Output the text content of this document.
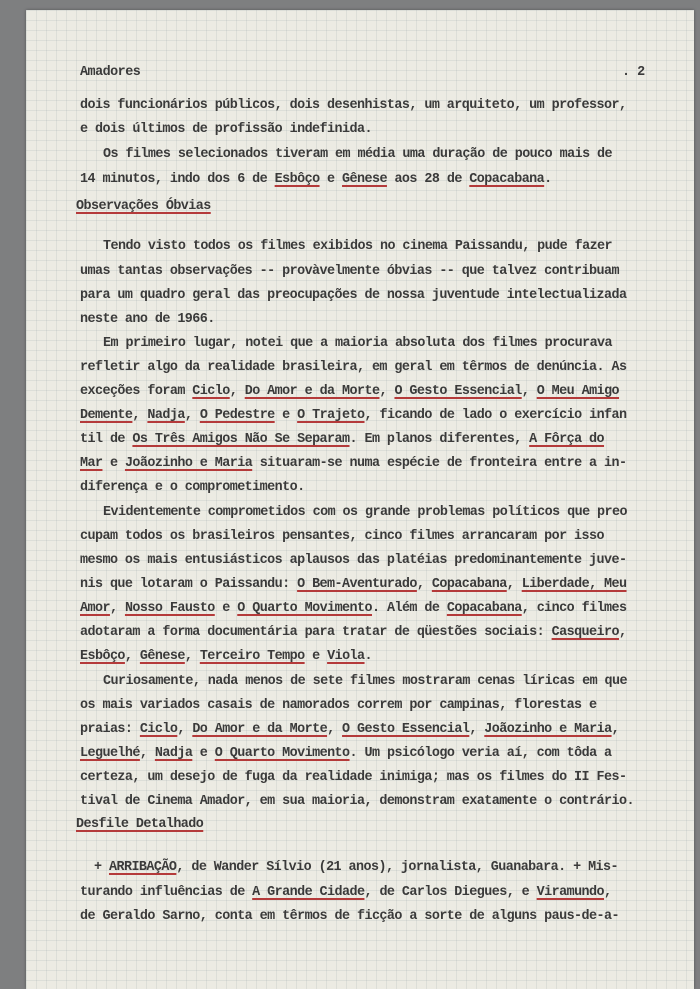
Amadores	. 2
dois funcionários públicos, dois desenhistas, um arquiteto, um professor,
e dois últimos de profissão indefinida.
Os filmes selecionados tiveram em média uma duração de pouco mais de
14 minutos, indo dos 6 de Esbôço e Gênese aos 28 de Copacabana.
Observações Óbvias
Tendo visto todos os filmes exibidos no cinema Paissandu, pude fazer
umas tantas observações -- provàvelmente óbvias -- que talvez contribuam
para um quadro geral das preocupações de nossa juventude intelectualizada
neste ano de 1966.
Em primeiro lugar, notei que a maioria absoluta dos filmes procurava
refletir algo da realidade brasileira, em geral em têrmos de denúncia. As
exceções foram Ciclo, Do Amor e da Morte, O Gesto Essencial, O Meu Amigo
Demente, Nadja, O Pedestre e O Trajeto, ficando de lado o exercício infan
til de Os Três Amigos Não Se Separam. Em planos diferentes, A Fôrça do
Mar e Joãozinho e Maria situaram-se numa espécie de fronteira entre a in-
diferença e o comprometimento.
Evidentemente comprometidos com os grande problemas políticos que preo
cupam todos os brasileiros pensantes, cinco filmes arrancaram por isso
mesmo os mais entusiásticos aplausos das platéias predominantemente juve-
nis que lotaram o Paissandu: O Bem-Aventurado, Copacabana, Liberdade, Meu
Amor, Nosso Fausto e O Quarto Movimento. Além de Copacabana, cinco filmes
adotaram a forma documentária para tratar de qüestões sociais: Casqueiro,
Esbôço, Gênese, Terceiro Tempo e Viola.
Curiosamente, nada menos de sete filmes mostraram cenas líricas em que
os mais variados casais de namorados correm por campinas, florestas e
praias: Ciclo, Do Amor e da Morte, O Gesto Essencial, Joãozinho e Maria,
Leguelhé, Nadja e O Quarto Movimento. Um psicólogo veria aí, com tôda a
certeza, um desejo de fuga da realidade inimiga; mas os filmes do II Fes-
tival de Cinema Amador, em sua maioria, demonstram exatamente o contrário.
Desfile Detalhado
+ ARRIBAÇÃO, de Wander Sílvio (21 anos), jornalista, Guanabara. + Mis-
turando influências de A Grande Cidade, de Carlos Diegues, e Viramundo,
de Geraldo Sarno, conta em têrmos de ficção a sorte de alguns paus-de-a-
